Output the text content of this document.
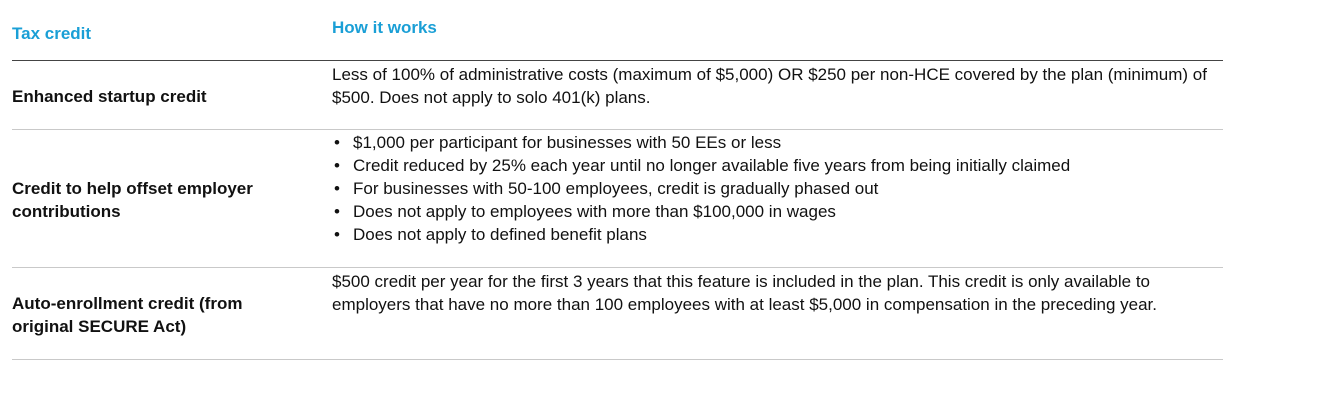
Tax credit	How it works
Enhanced startup credit
Less of 100% of administrative costs (maximum of $5,000) OR $250 per non-HCE covered by the plan (minimum) of $500. Does not apply to solo 401(k) plans.
Credit to help offset employer contributions
• $1,000 per participant for businesses with 50 EEs or less
• Credit reduced by 25% each year until no longer available five years from being initially claimed
• For businesses with 50-100 employees, credit is gradually phased out
• Does not apply to employees with more than $100,000 in wages
• Does not apply to defined benefit plans
Auto-enrollment credit (from original SECURE Act)
$500 credit per year for the first 3 years that this feature is included in the plan. This credit is only available to employers that have no more than 100 employees with at least $5,000 in compensation in the preceding year.
